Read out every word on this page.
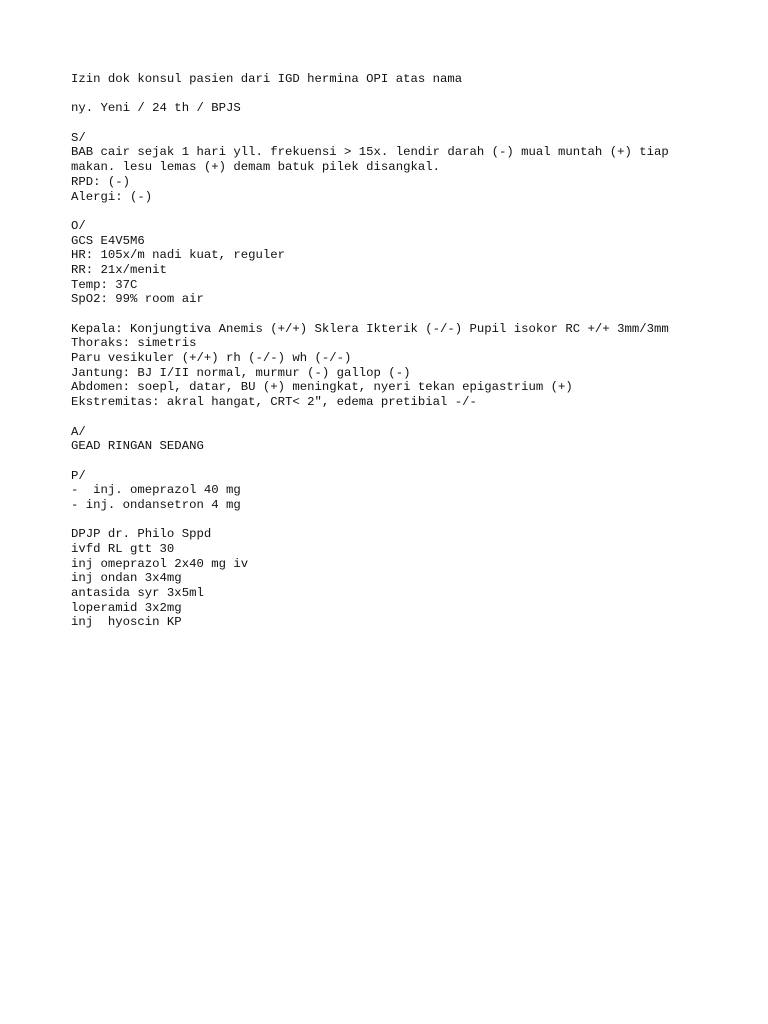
Izin dok konsul pasien dari IGD hermina OPI atas nama
ny. Yeni / 24 th / BPJS
S/
BAB cair sejak 1 hari yll. frekuensi > 15x. lendir darah (-) mual muntah (+) tiap
makan. lesu lemas (+) demam batuk pilek disangkal.
RPD: (-)
Alergi: (-)
O/
GCS E4V5M6
HR: 105x/m nadi kuat, reguler
RR: 21x/menit
Temp: 37C
SpO2: 99% room air
Kepala: Konjungtiva Anemis (+/+) Sklera Ikterik (-/-) Pupil isokor RC +/+ 3mm/3mm
Thoraks: simetris
Paru vesikuler (+/+) rh (-/-) wh (-/-)
Jantung: BJ I/II normal, murmur (-) gallop (-)
Abdomen: soepl, datar, BU (+) meningkat, nyeri tekan epigastrium (+)
Ekstremitas: akral hangat, CRT< 2", edema pretibial -/-
A/
GEAD RINGAN SEDANG
P/
-  inj. omeprazol 40 mg
- inj. ondansetron 4 mg
DPJP dr. Philo Sppd
ivfd RL gtt 30
inj omeprazol 2x40 mg iv
inj ondan 3x4mg
antasida syr 3x5ml
loperamid 3x2mg
inj  hyoscin KP
